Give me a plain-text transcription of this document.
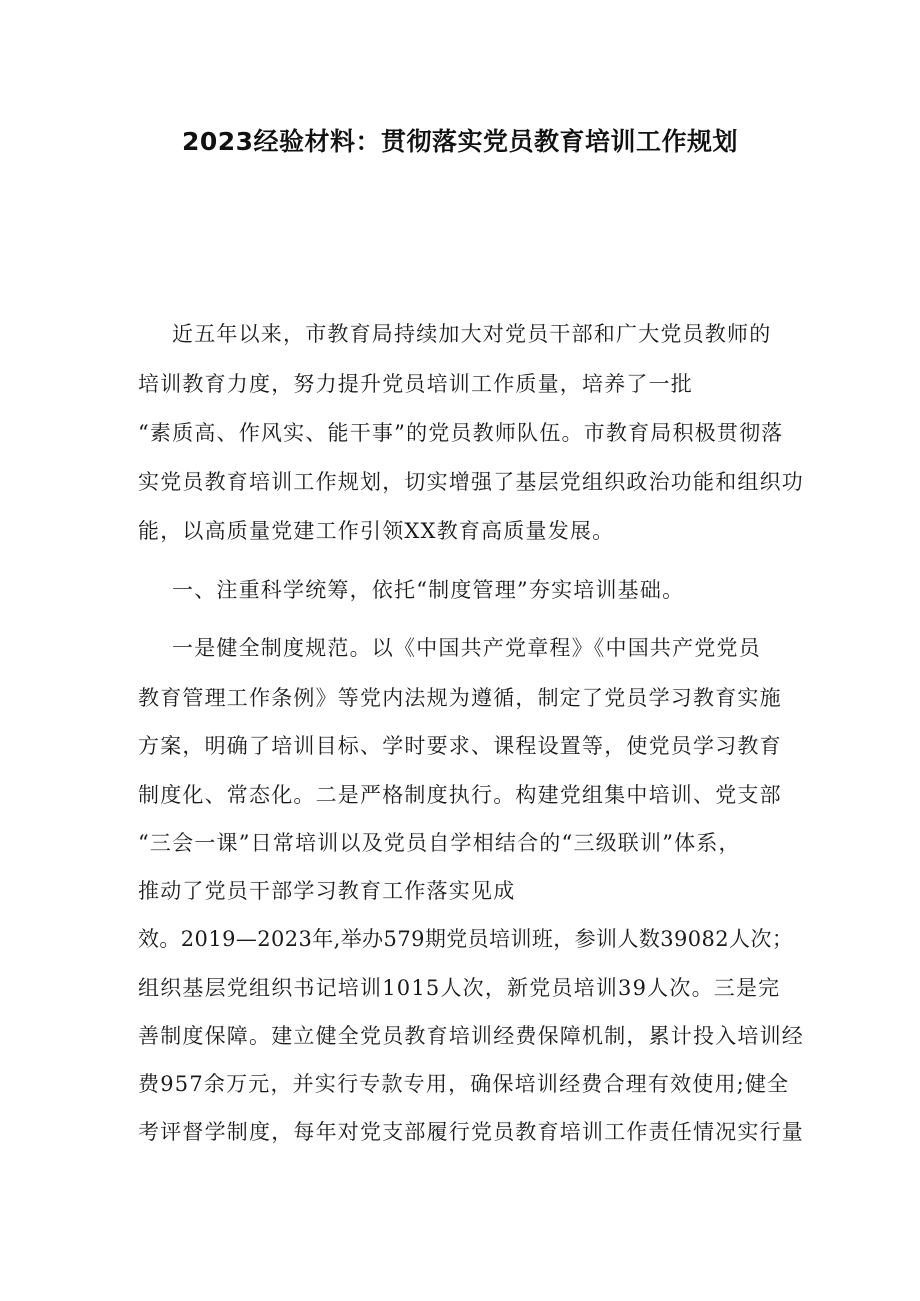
2023经验材料：贯彻落实党员教育培训工作规划

近五年以来，市教育局持续加大对党员干部和广大党员教师的

培训教育力度，努力提升党员培训工作质量，培养了一批

“素质高、作风实、能干事”的党员教师队伍。市教育局积极贯彻落

实党员教育培训工作规划，切实增强了基层党组织政治功能和组织功

能，以高质量党建工作引领XX教育高质量发展。

一、注重科学统筹，依托“制度管理”夯实培训基础。

一是健全制度规范。以《中国共产党章程》《中国共产党党员

教育管理工作条例》等党内法规为遵循，制定了党员学习教育实施

方案，明确了培训目标、学时要求、课程设置等，使党员学习教育

制度化、常态化。二是严格制度执行。构建党组集中培训、党支部

“三会一课”日常培训以及党员自学相结合的“三级联训”体系，

推动了党员干部学习教育工作落实见成

效。2019—2023年,举办579期党员培训班，参训人数39082人次；

组织基层党组织书记培训1015人次，新党员培训39人次。三是完

善制度保障。建立健全党员教育培训经费保障机制，累计投入培训经

费957余万元，并实行专款专用，确保培训经费合理有效使用;健全

考评督学制度，每年对党支部履行党员教育培训工作责任情况实行量
